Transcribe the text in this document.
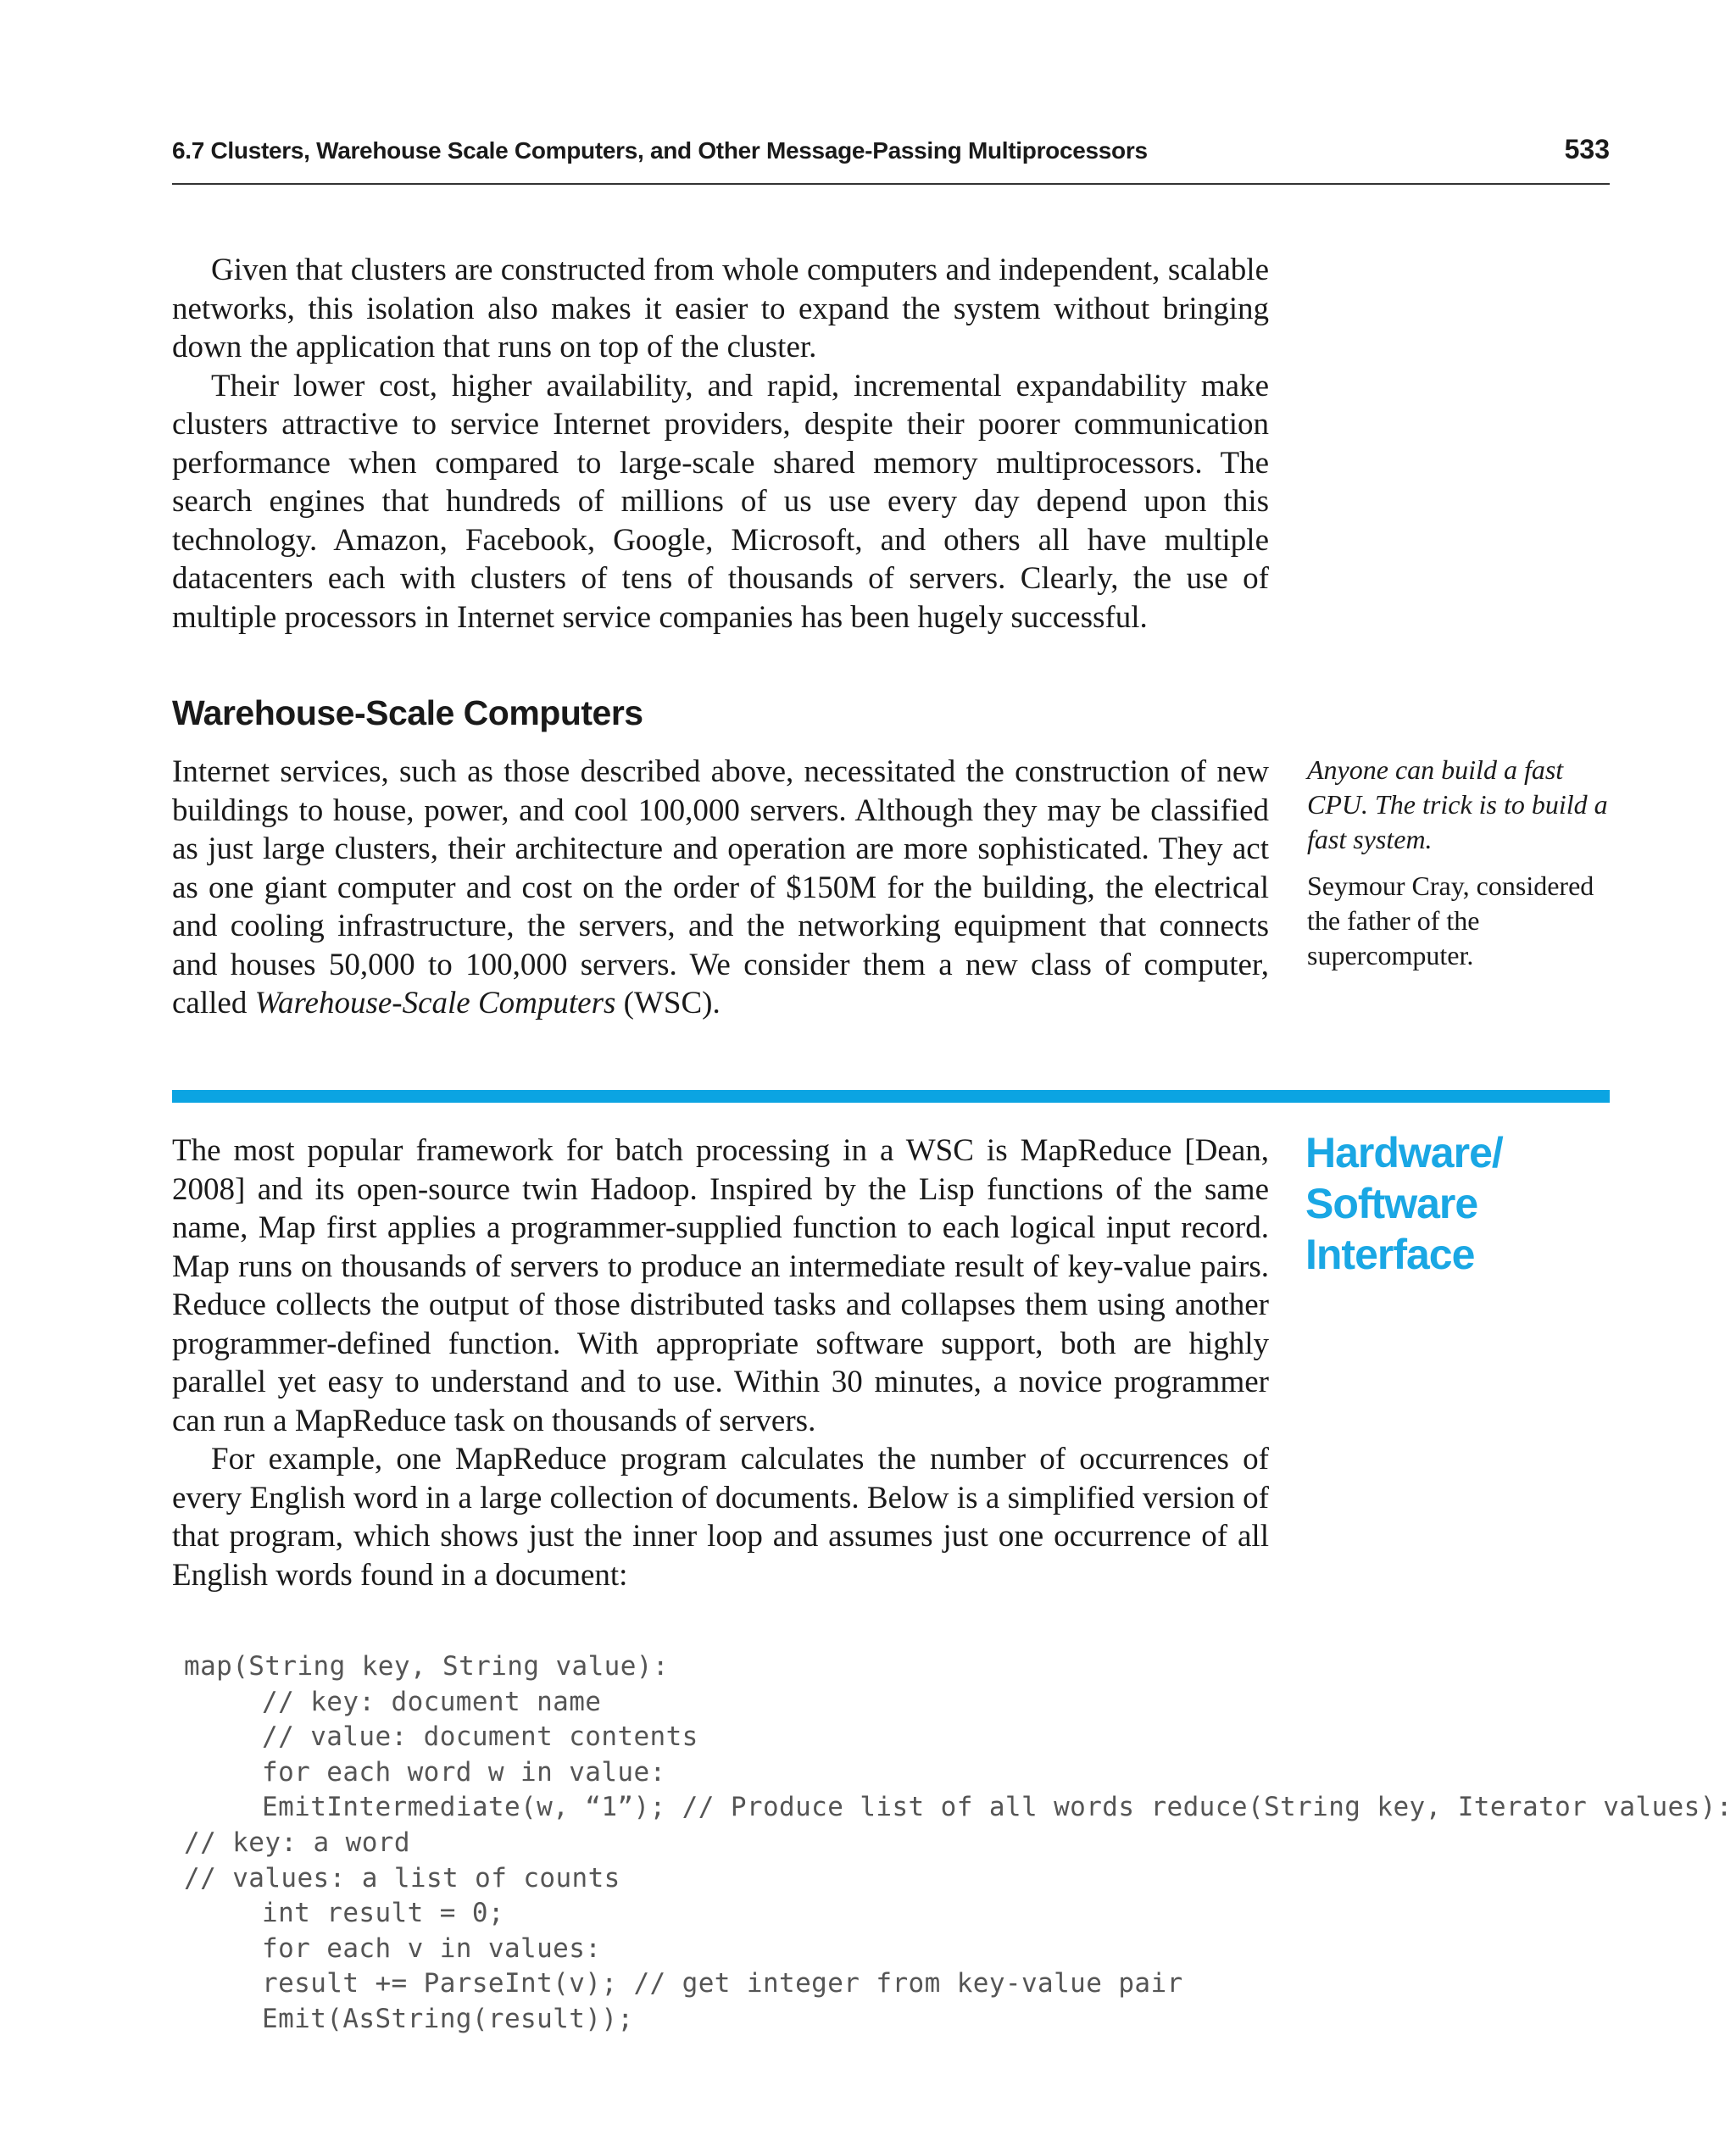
6.7 Clusters, Warehouse Scale Computers, and Other Message-Passing Multiprocessors	533

Given that clusters are constructed from whole computers and independent, scalable networks, this isolation also makes it easier to expand the system without bringing down the application that runs on top of the cluster.

Their lower cost, higher availability, and rapid, incremental expandability make clusters attractive to service Internet providers, despite their poorer communication performance when compared to large-scale shared memory multiprocessors. The search engines that hundreds of millions of us use every day depend upon this technology. Amazon, Facebook, Google, Microsoft, and others all have multiple datacenters each with clusters of tens of thousands of servers. Clearly, the use of multiple processors in Internet service companies has been hugely successful.

Warehouse-Scale Computers

Internet services, such as those described above, necessitated the construction of new buildings to house, power, and cool 100,000 servers. Although they may be classified as just large clusters, their architecture and operation are more sophisticated. They act as one giant computer and cost on the order of $150M for the building, the electrical and cooling infrastructure, the servers, and the networking equipment that connects and houses 50,000 to 100,000 servers. We consider them a new class of computer, called Warehouse-Scale Computers (WSC).

Anyone can build a fast CPU. The trick is to build a fast system.

Seymour Cray, considered the father of the supercomputer.

Hardware/
Software
Interface

The most popular framework for batch processing in a WSC is MapReduce [Dean, 2008] and its open-source twin Hadoop. Inspired by the Lisp functions of the same name, Map first applies a programmer-supplied function to each logical input record. Map runs on thousands of servers to produce an intermediate result of key-value pairs. Reduce collects the output of those distributed tasks and collapses them using another programmer-defined function. With appropriate software support, both are highly parallel yet easy to understand and to use. Within 30 minutes, a novice programmer can run a MapReduce task on thousands of servers.

For example, one MapReduce program calculates the number of occurrences of every English word in a large collection of documents. Below is a simplified version of that program, which shows just the inner loop and assumes just one occurrence of all English words found in a document:

map(String key, String value):
// key: document name
// value: document contents
for each word w in value:
EmitIntermediate(w, “1”); // Produce list of all words reduce(String key, Iterator values):
// key: a word
// values: a list of counts
int result = 0;
for each v in values:
result += ParseInt(v); // get integer from key-value pair
Emit(AsString(result));
